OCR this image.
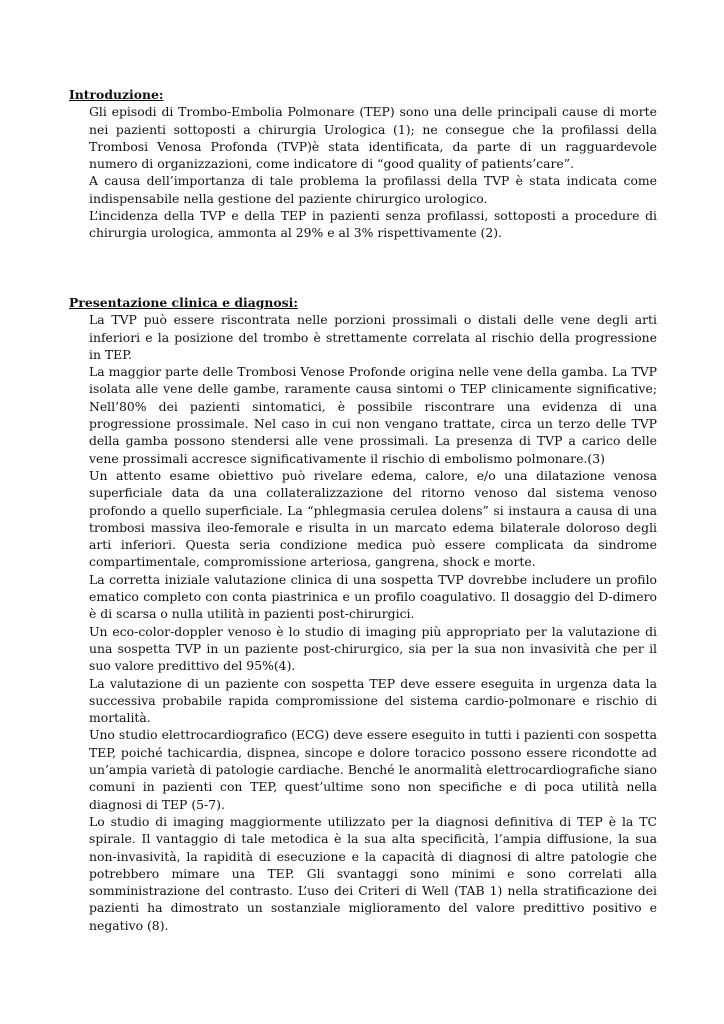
Introduzione:

Gli episodi di Trombo-Embolia Polmonare (TEP) sono una delle principali cause di morte nei pazienti sottoposti a chirurgia Urologica (1); ne consegue che la profilassi della Trombosi Venosa Profonda (TVP)è stata identificata, da parte di un ragguardevole numero di organizzazioni, come indicatore di “good quality of patients’care”.

A causa dell’importanza di tale problema la profilassi della TVP è stata indicata come indispensabile nella gestione del paziente chirurgico urologico.

L’incidenza della TVP e della TEP in pazienti senza profilassi, sottoposti a procedure di chirurgia urologica, ammonta al 29% e al 3% rispettivamente (2).

Presentazione clinica e diagnosi:

La TVP può essere riscontrata nelle porzioni prossimali o distali delle vene degli arti inferiori e la posizione del trombo è strettamente correlata al rischio della progressione in TEP.

La maggior parte delle Trombosi Venose Profonde origina nelle vene della gamba. La TVP isolata alle vene delle gambe, raramente causa sintomi o TEP clinicamente significative; Nell’80% dei pazienti sintomatici, è possibile riscontrare una evidenza di una progressione prossimale. Nel caso in cui non vengano trattate, circa un terzo delle TVP della gamba possono stendersi alle vene prossimali. La presenza di TVP a carico delle vene prossimali accresce significativamente il rischio di embolismo polmonare.(3)

Un attento esame obiettivo può rivelare edema, calore, e/o una dilatazione venosa superficiale data da una collateralizzazione del ritorno venoso dal sistema venoso profondo a quello superficiale. La “phlegmasia cerulea dolens” si instaura a causa di una trombosi massiva ileo-femorale e risulta in un marcato edema bilaterale doloroso degli arti inferiori. Questa seria condizione medica può essere complicata da sindrome compartimentale, compromissione arteriosa, gangrena, shock e morte.

La corretta iniziale valutazione clinica di una sospetta TVP dovrebbe includere un profilo ematico completo con conta piastrinica e un profilo coagulativo. Il dosaggio del D-dimero è di scarsa o nulla utilità in pazienti post-chirurgici.

Un eco-color-doppler venoso è lo studio di imaging più appropriato per la valutazione di una sospetta TVP in un paziente post-chirurgico, sia per la sua non invasività che per il suo valore predittivo del 95%(4).

La valutazione di un paziente con sospetta TEP deve essere eseguita in urgenza data la successiva probabile rapida compromissione del sistema cardio-polmonare e rischio di mortalità.

Uno studio elettrocardiografico (ECG) deve essere eseguito in tutti i pazienti con sospetta TEP, poiché tachicardia, dispnea, sincope e dolore toracico possono essere ricondotte ad un’ampia varietà di patologie cardiache. Benché le anormalità elettrocardiografiche siano comuni in pazienti con TEP, quest’ultime sono non specifiche e di poca utilità nella diagnosi di TEP (5-7).

Lo studio di imaging maggiormente utilizzato per la diagnosi definitiva di TEP è la TC spirale. Il vantaggio di tale metodica è la sua alta specificità, l’ampia diffusione, la sua non-invasività, la rapidità di esecuzione e la capacità di diagnosi di altre patologie che potrebbero mimare una TEP. Gli svantaggi sono minimi e sono correlati alla somministrazione del contrasto. L’uso dei Criteri di Well (TAB 1) nella stratificazione dei pazienti ha dimostrato un sostanziale miglioramento del valore predittivo positivo e negativo (8).
